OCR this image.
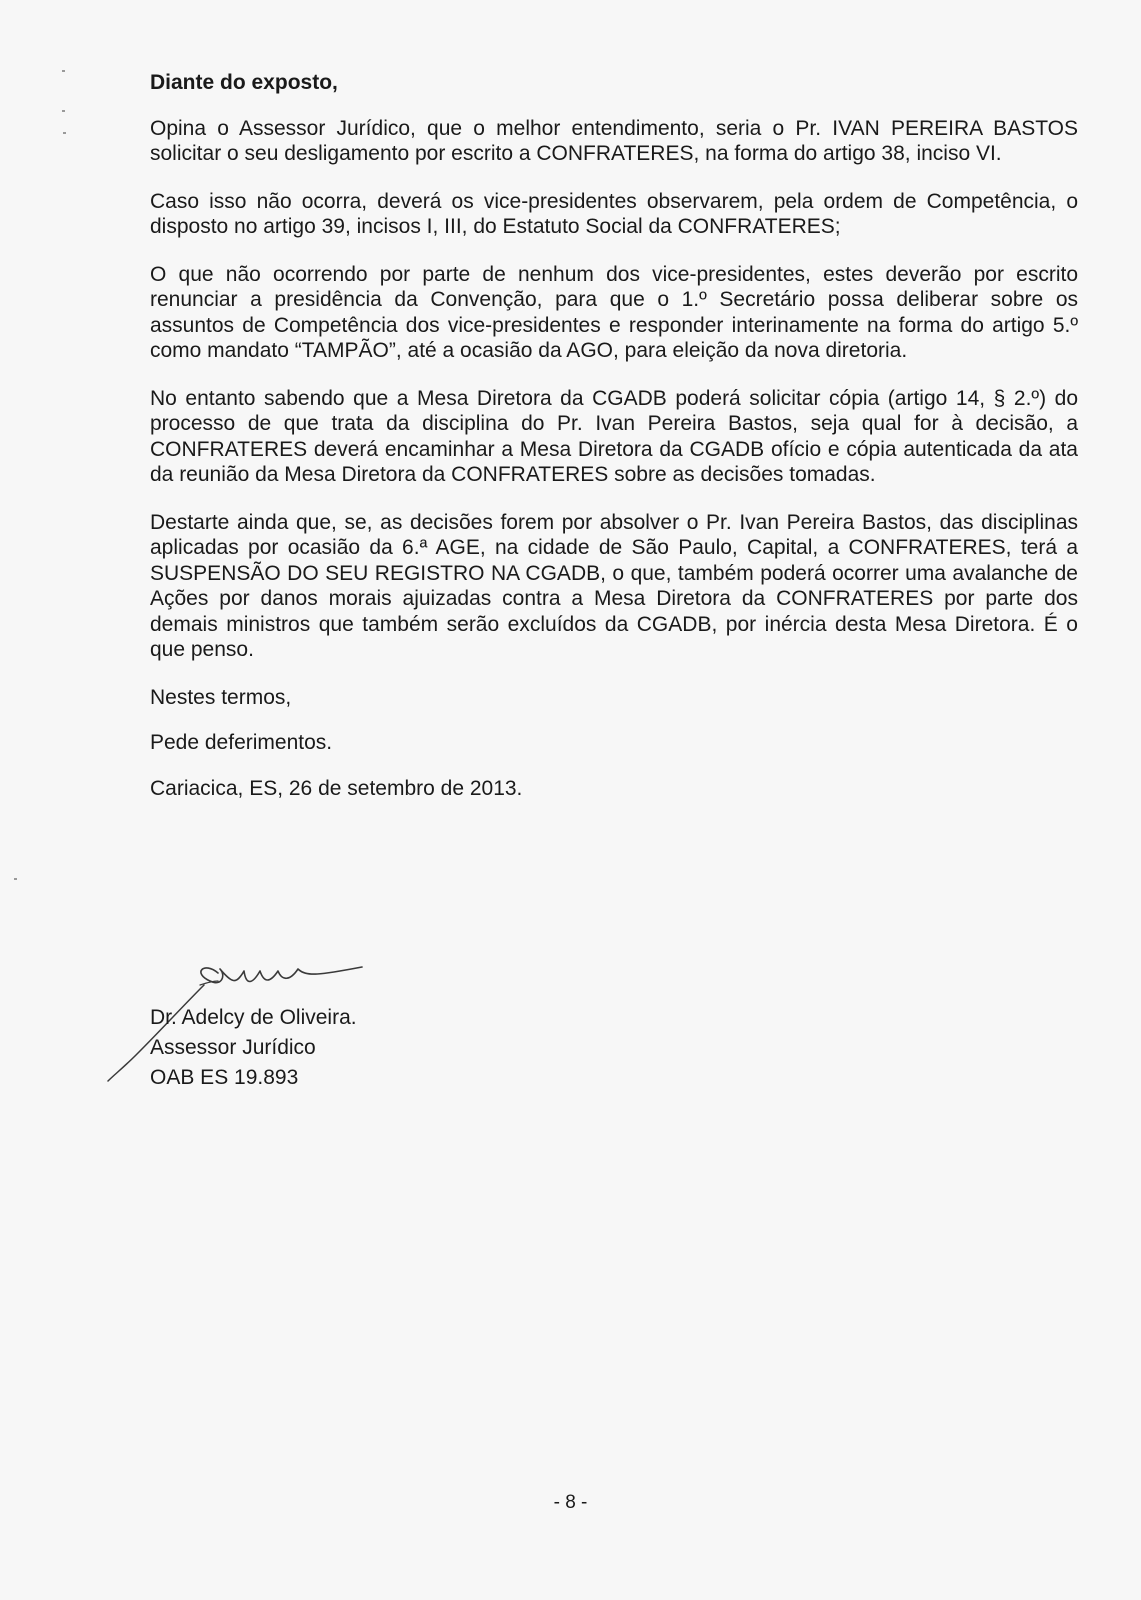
Diante do exposto,

Opina o Assessor Jurídico, que o melhor entendimento, seria o Pr. IVAN PEREIRA BASTOS solicitar o seu desligamento por escrito a CONFRATERES, na forma do artigo 38, inciso VI.

Caso isso não ocorra, deverá os vice-presidentes observarem, pela ordem de Competência, o disposto no artigo 39, incisos I, III, do Estatuto Social da CONFRATERES;

O que não ocorrendo por parte de nenhum dos vice-presidentes, estes deverão por escrito renunciar a presidência da Convenção, para que o 1.º Secretário possa deliberar sobre os assuntos de Competência dos vice-presidentes e responder interinamente na forma do artigo 5.º como mandato “TAMPÃO”, até a ocasião da AGO, para eleição da nova diretoria.

No entanto sabendo que a Mesa Diretora da CGADB poderá solicitar cópia (artigo 14, § 2.º) do processo de que trata da disciplina do Pr. Ivan Pereira Bastos, seja qual for à decisão, a CONFRATERES deverá encaminhar a Mesa Diretora da CGADB ofício e cópia autenticada da ata da reunião da Mesa Diretora da CONFRATERES sobre as decisões tomadas.

Destarte ainda que, se, as decisões forem por absolver o Pr. Ivan Pereira Bastos, das disciplinas aplicadas por ocasião da 6.ª AGE, na cidade de São Paulo, Capital, a CONFRATERES, terá a SUSPENSÃO DO SEU REGISTRO NA CGADB, o que, também poderá ocorrer uma avalanche de Ações por danos morais ajuizadas contra a Mesa Diretora da CONFRATERES por parte dos demais ministros que também serão excluídos da CGADB, por inércia desta Mesa Diretora. É o que penso.

Nestes termos,
Pede deferimentos.
Cariacica, ES, 26 de setembro de 2013.
Dr. Adelcy de Oliveira.
Assessor Jurídico
OAB ES 19.893
- 8 -
